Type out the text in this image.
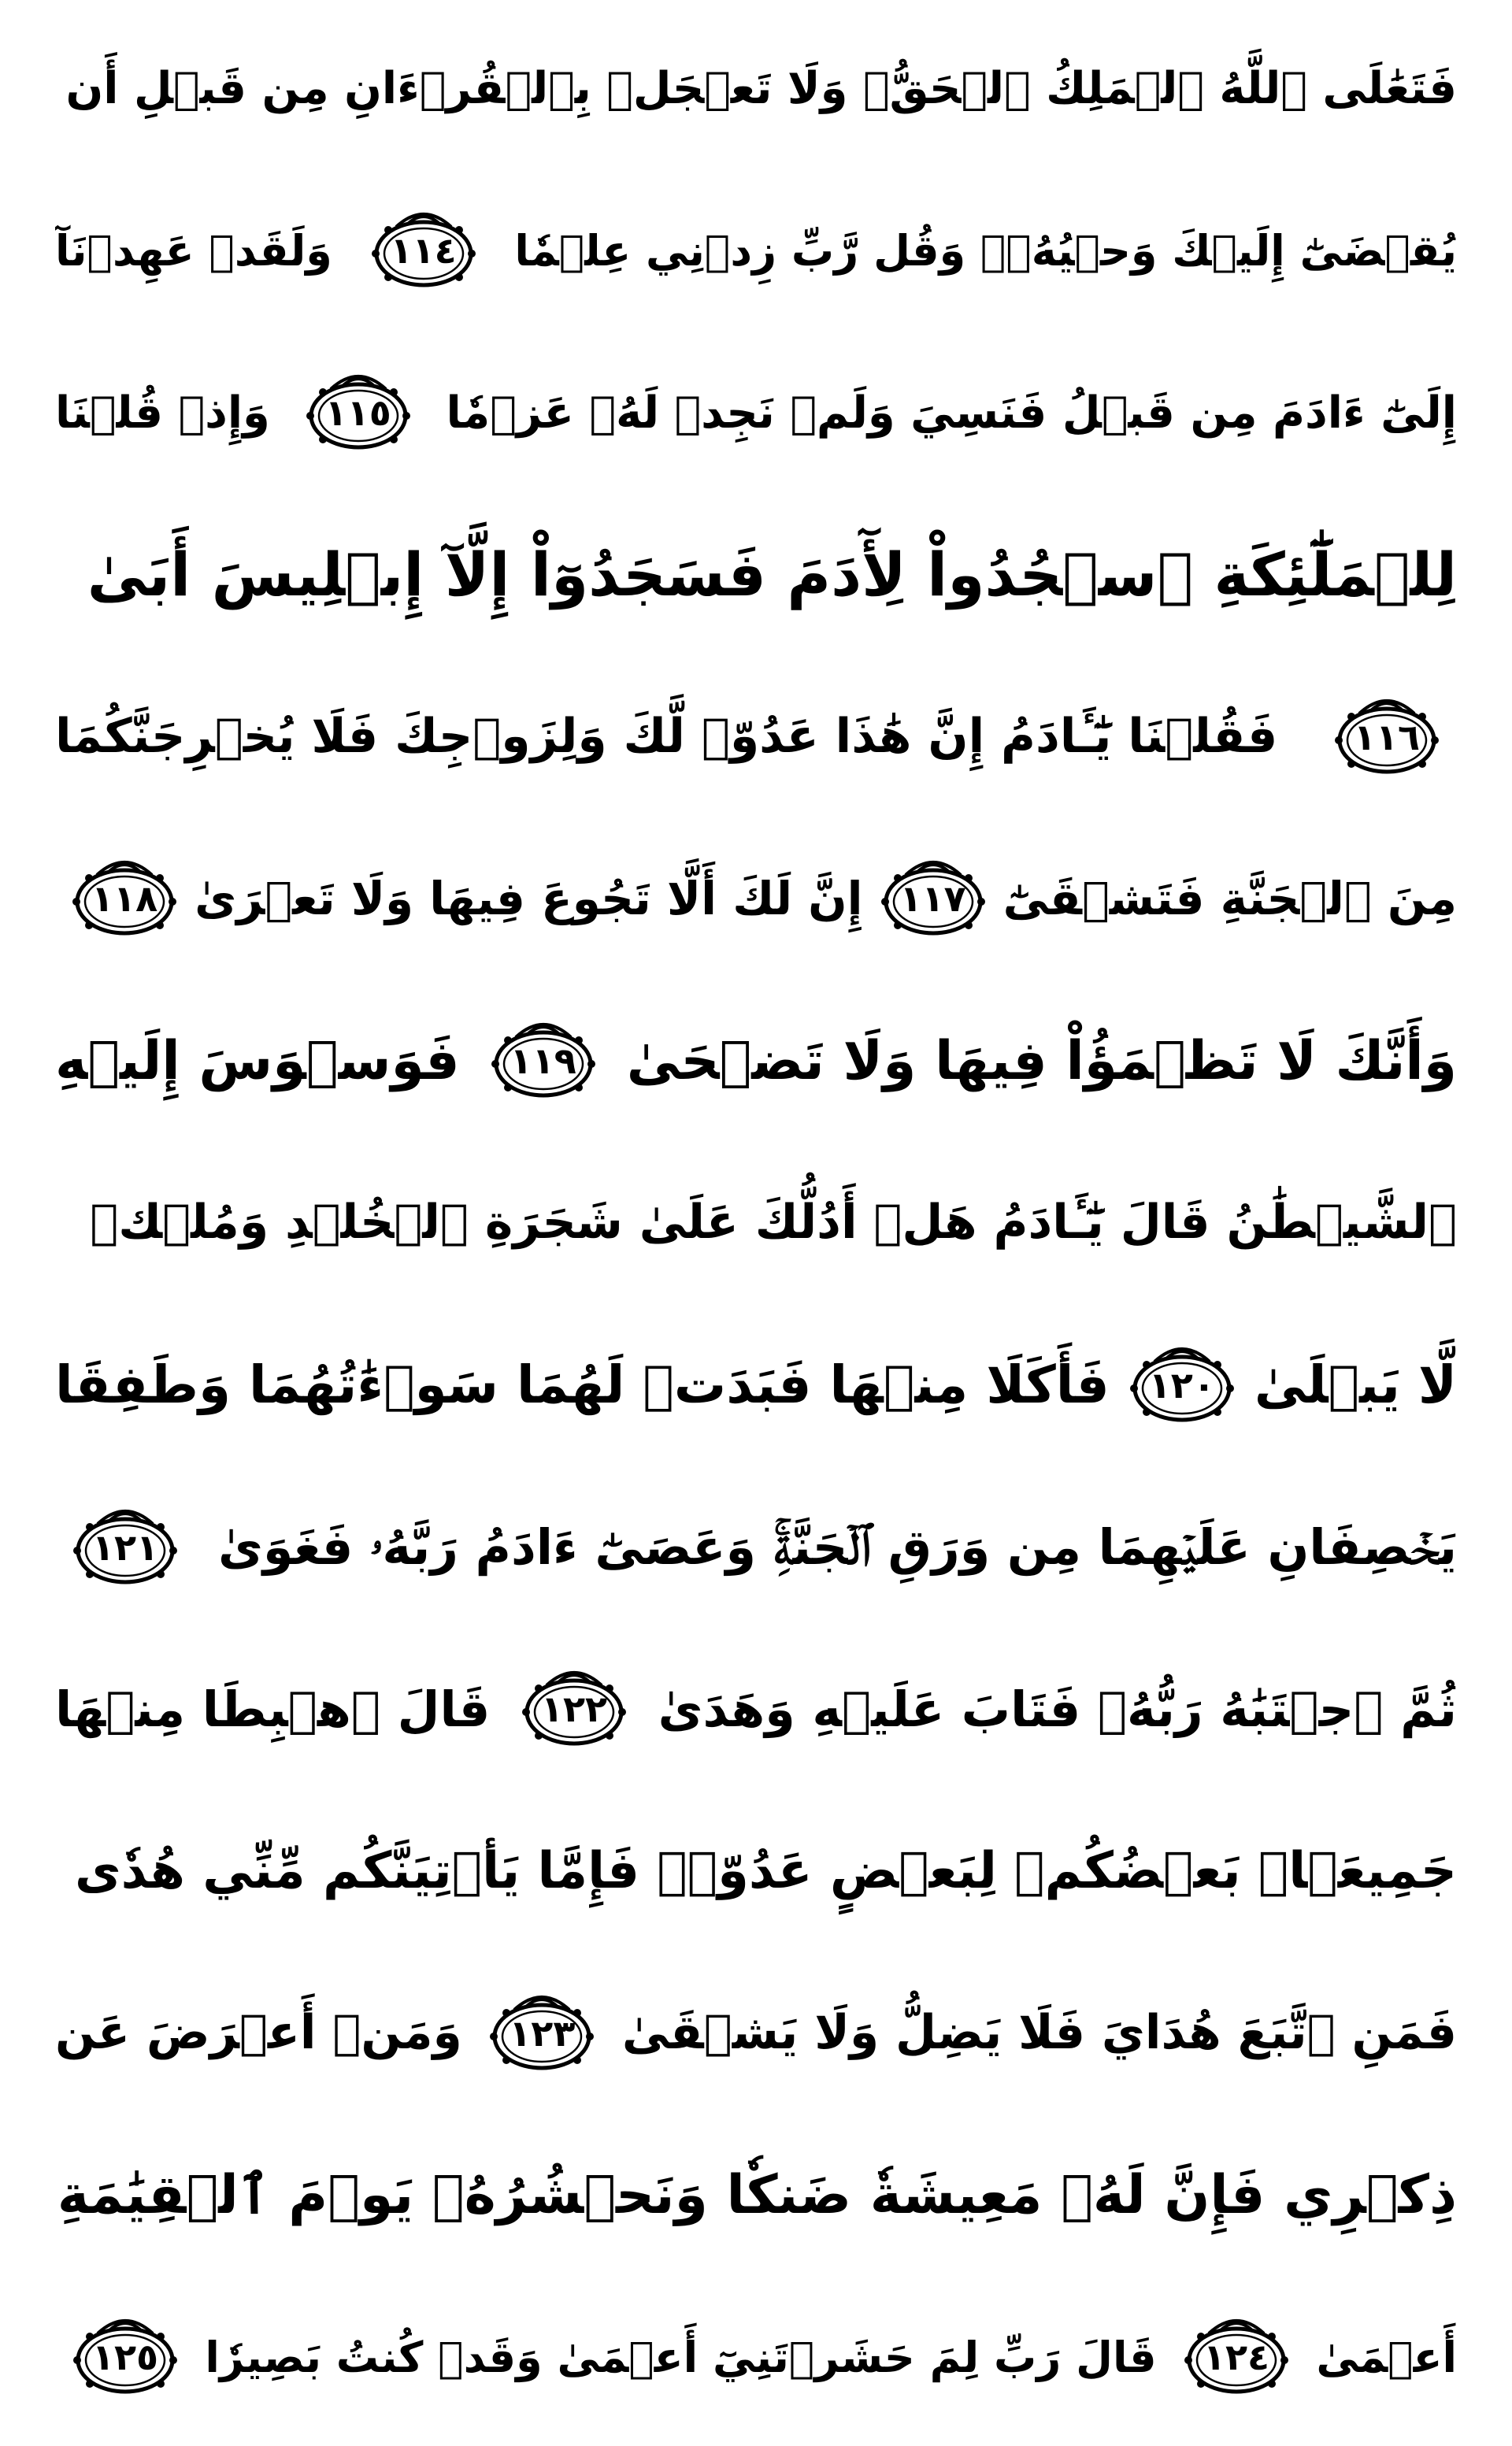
فَتَعَٰلَى ٱللَّهُ ٱلۡمَلِكُ ٱلۡحَقُّۗ وَلَا تَعۡجَلۡ بِٱلۡقُرۡءَانِ مِن قَبۡلِ أَن
يُقۡضَىٰٓ إِلَيۡكَ وَحۡيُهُۥۖ وَقُل رَّبِّ زِدۡنِي عِلۡمٗا
١١٤
وَلَقَدۡ عَهِدۡنَآ
إِلَىٰٓ ءَادَمَ مِن قَبۡلُ فَنَسِيَ وَلَمۡ نَجِدۡ لَهُۥ عَزۡمٗا
١١٥
وَإِذۡ قُلۡنَا
لِلۡمَلَٰٓئِكَةِ ٱسۡجُدُواْ لِأٓدَمَ فَسَجَدُوٓاْ إِلَّآ إِبۡلِيسَ أَبَىٰ
١١٦
فَقُلۡنَا يَٰٓـَٔادَمُ إِنَّ هَٰذَا عَدُوّٞ لَّكَ وَلِزَوۡجِكَ فَلَا يُخۡرِجَنَّكُمَا
مِنَ ٱلۡجَنَّةِ فَتَشۡقَىٰٓ
١١٧
إِنَّ لَكَ أَلَّا تَجُوعَ فِيهَا وَلَا تَعۡرَىٰ
١١٨
وَأَنَّكَ لَا تَظۡمَؤُاْ فِيهَا وَلَا تَضۡحَىٰ
١١٩
فَوَسۡوَسَ إِلَيۡهِ
ٱلشَّيۡطَٰنُ قَالَ يَٰٓـَٔادَمُ هَلۡ أَدُلُّكَ عَلَىٰ شَجَرَةِ ٱلۡخُلۡدِ وَمُلۡكٖ
لَّا يَبۡلَىٰ
١٢٠
فَأَكَلَا مِنۡهَا فَبَدَتۡ لَهُمَا سَوۡءَٰتُهُمَا وَطَفِقَا
يَخۡصِفَانِ عَلَيۡهِمَا مِن وَرَقِ ٱلۡجَنَّةِۚ وَعَصَىٰٓ ءَادَمُ رَبَّهُۥ فَغَوَىٰ
١٢١
ثُمَّ ٱجۡتَبَٰهُ رَبُّهُۥ فَتَابَ عَلَيۡهِ وَهَدَىٰ
١٢٢
قَالَ ٱهۡبِطَا مِنۡهَا
جَمِيعَۢاۖ بَعۡضُكُمۡ لِبَعۡضٍ عَدُوّٞۖ فَإِمَّا يَأۡتِيَنَّكُم مِّنِّي هُدٗى
فَمَنِ ٱتَّبَعَ هُدَايَ فَلَا يَضِلُّ وَلَا يَشۡقَىٰ
١٢٣
وَمَنۡ أَعۡرَضَ عَن
ذِكۡرِي فَإِنَّ لَهُۥ مَعِيشَةٗ ضَنكٗا وَنَحۡشُرُهُۥ يَوۡمَ ٱلۡقِيَٰمَةِ
أَعۡمَىٰ
١٢٤
قَالَ رَبِّ لِمَ حَشَرۡتَنِيٓ أَعۡمَىٰ وَقَدۡ كُنتُ بَصِيرٗا
١٢٥
